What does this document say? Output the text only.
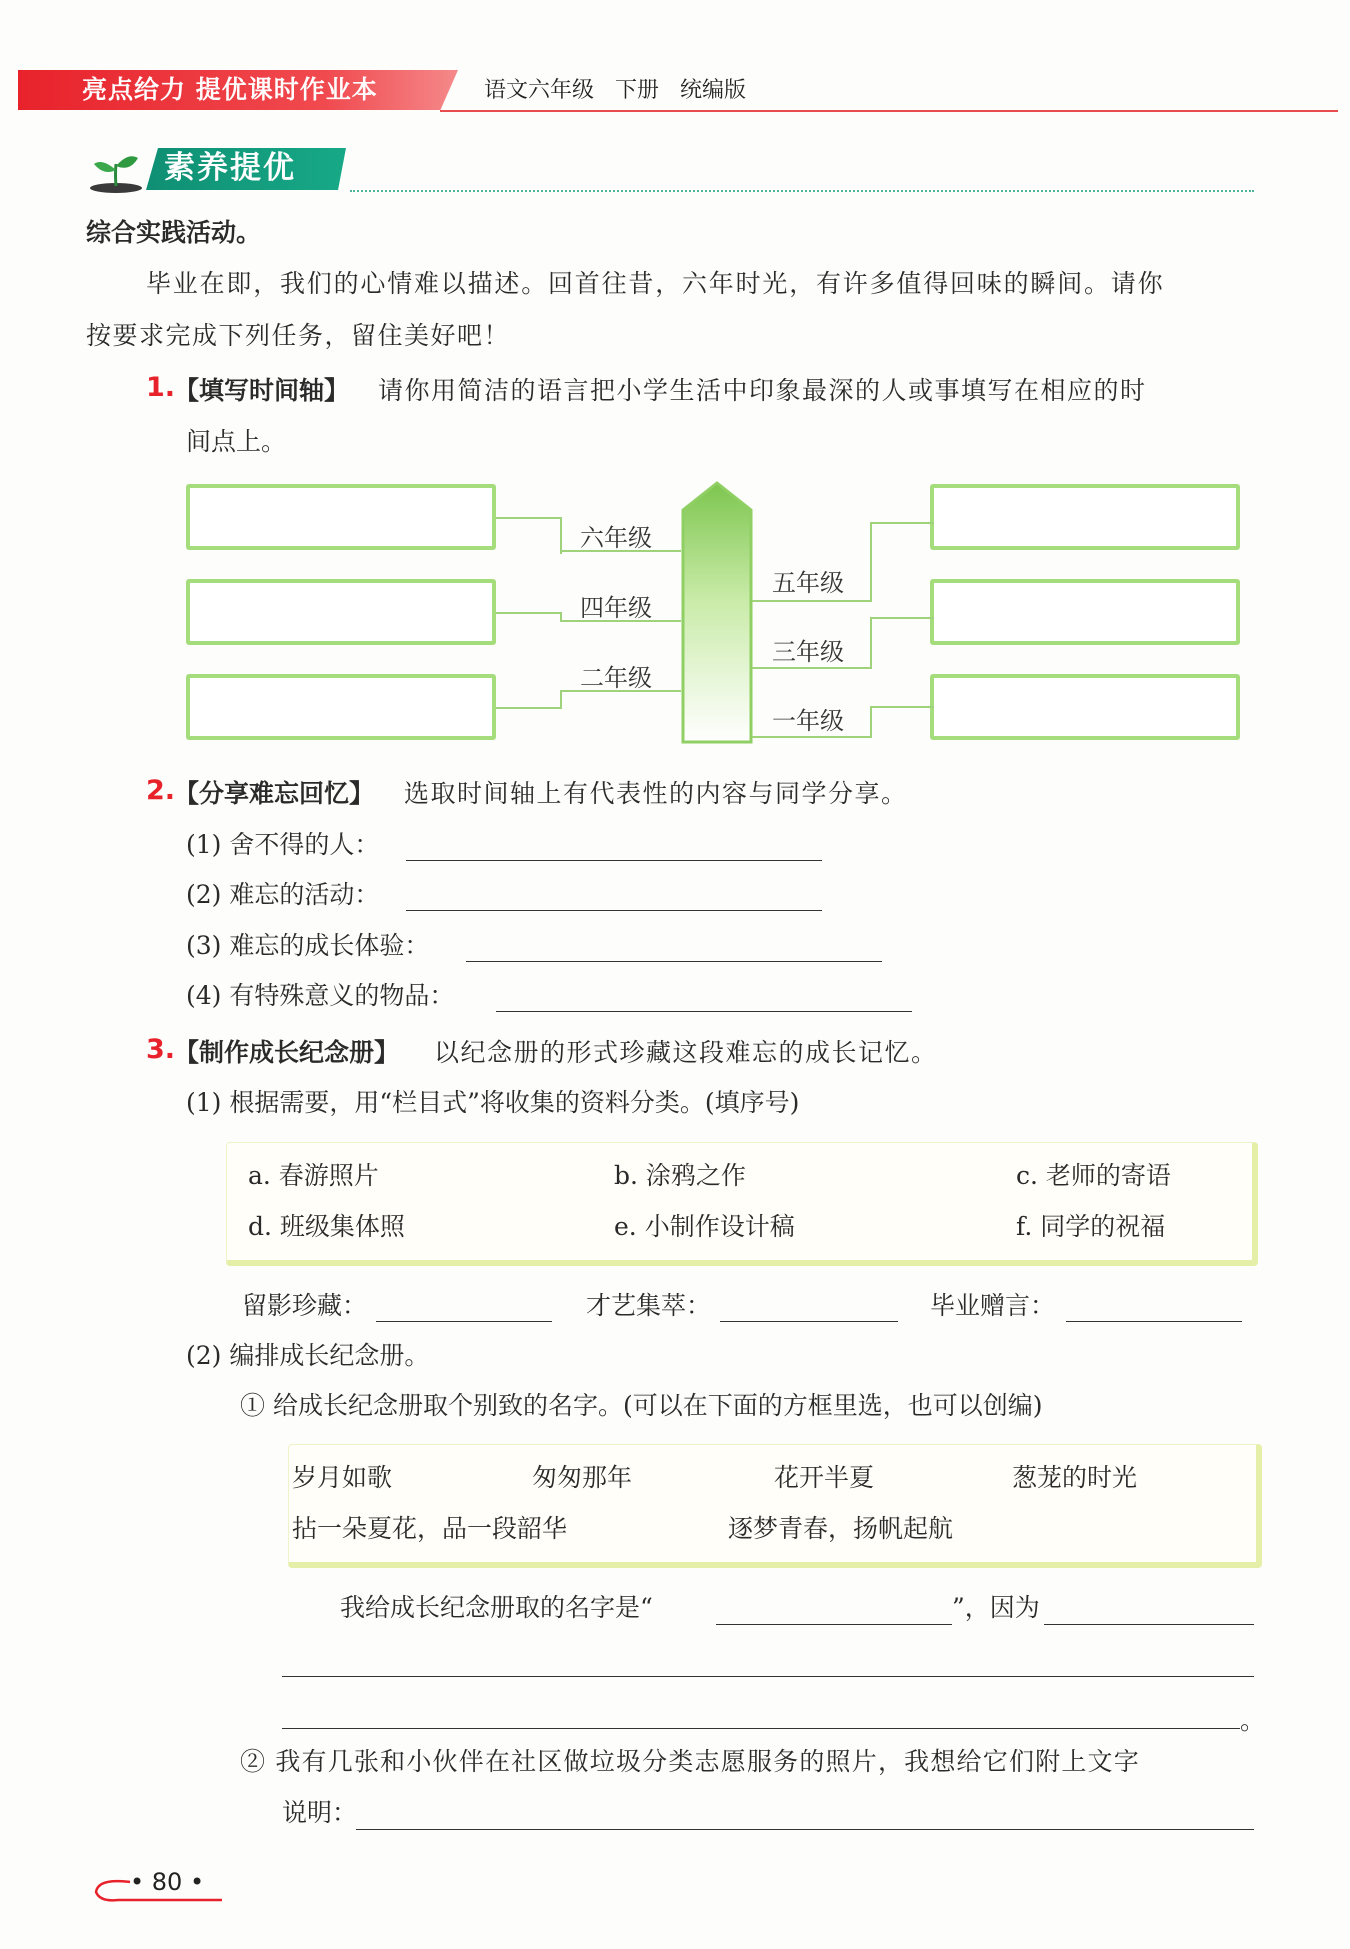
亮点给力 提优课时作业本	语文六年级   下册   统编版
素养提优
综合实践活动。
毕业在即，我们的心情难以描述。回首往昔，六年时光，有许多值得回味的瞬间。请你
按要求完成下列任务，留住美好吧！
1.
【填写时间轴】 请你用简洁的语言把小学生活中印象最深的人或事填写在相应的时
间点上。
六年级
四年级
二年级
五年级
三年级
一年级
2.
【分享难忘回忆】 选取时间轴上有代表性的内容与同学分享。
(1) 舍不得的人：
(2) 难忘的活动：
(3) 难忘的成长体验：
(4) 有特殊意义的物品：
3.
【制作成长纪念册】 以纪念册的形式珍藏这段难忘的成长记忆。
(1) 根据需要，用“栏目式”将收集的资料分类。(填序号)
a. 春游照片	b. 涂鸦之作	c. 老师的寄语
d. 班级集体照	e. 小制作设计稿	f. 同学的祝福
留影珍藏：	才艺集萃：	毕业赠言：
(2) 编排成长纪念册。
① 给成长纪念册取个别致的名字。(可以在下面的方框里选，也可以创编)
岁月如歌	匆匆那年	花开半夏	葱茏的时光
拈一朵夏花，品一段韶华	逐梦青春，扬帆起航
我给成长纪念册取的名字是“	”，因为
。
② 我有几张和小伙伴在社区做垃圾分类志愿服务的照片，我想给它们附上文字
说明：
• 80 •
